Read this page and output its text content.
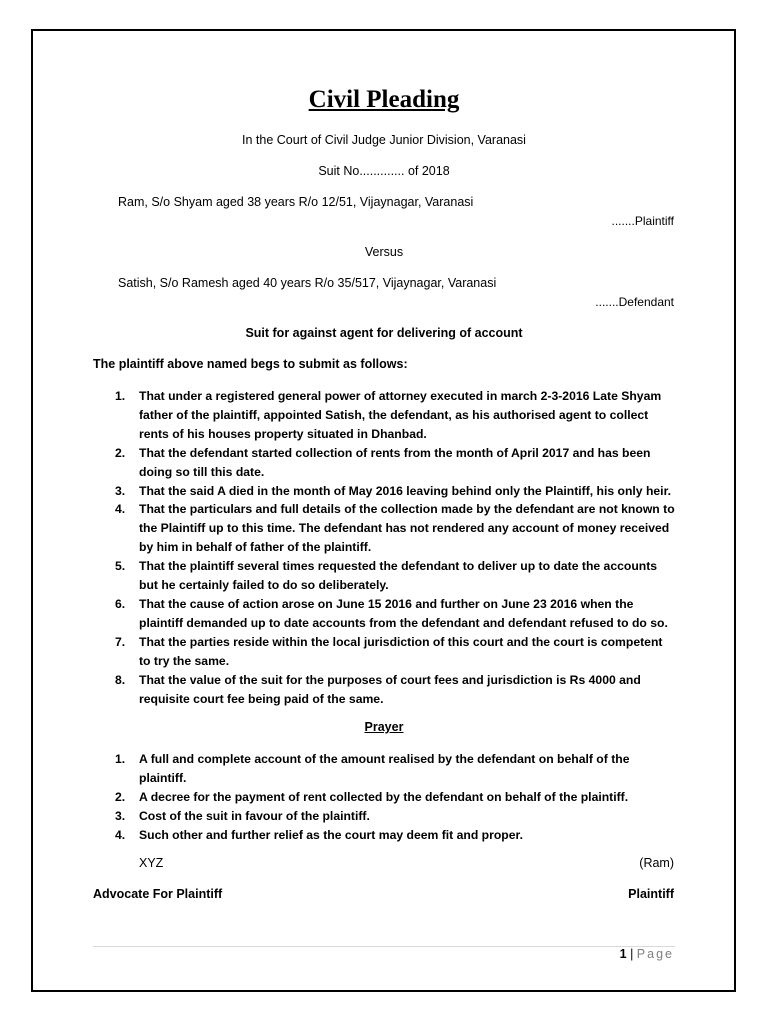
Civil Pleading
In the Court of Civil Judge Junior Division, Varanasi
Suit No............. of 2018
Ram, S/o Shyam aged 38 years R/o 12/51, Vijaynagar, Varanasi
.......Plaintiff
Versus
Satish, S/o Ramesh aged 40 years R/o 35/517, Vijaynagar, Varanasi
.......Defendant
Suit for against agent for delivering of account
The plaintiff above named begs to submit as follows:
1. That under a registered general power of attorney executed in march 2-3-2016 Late Shyam father of the plaintiff, appointed Satish, the defendant, as his authorised agent to collect rents of his houses property situated in Dhanbad.
2. That the defendant started collection of rents from the month of April 2017 and has been doing so till this date.
3. That the said A died in the month of May 2016 leaving behind only the Plaintiff, his only heir.
4. That the particulars and full details of the collection made by the defendant are not known to the Plaintiff up to this time. The defendant has not rendered any account of money received by him in behalf of father of the plaintiff.
5. That the plaintiff several times requested the defendant to deliver up to date the accounts but he certainly failed to do so deliberately.
6. That the cause of action arose on June 15 2016 and further on June 23 2016 when the plaintiff demanded up to date accounts from the defendant and defendant refused to do so.
7. That the parties reside within the local jurisdiction of this court and the court is competent to try the same.
8. That the value of the suit for the purposes of court fees and jurisdiction is Rs 4000 and requisite court fee being paid of the same.
Prayer
1. A full and complete account of the amount realised by the defendant on behalf of the plaintiff.
2. A decree for the payment of rent collected by the defendant on behalf of the plaintiff.
3. Cost of the suit in favour of the plaintiff.
4. Such other and further relief as the court may deem fit and proper.
XYZ	(Ram)
Advocate For Plaintiff	Plaintiff
1 | Page
